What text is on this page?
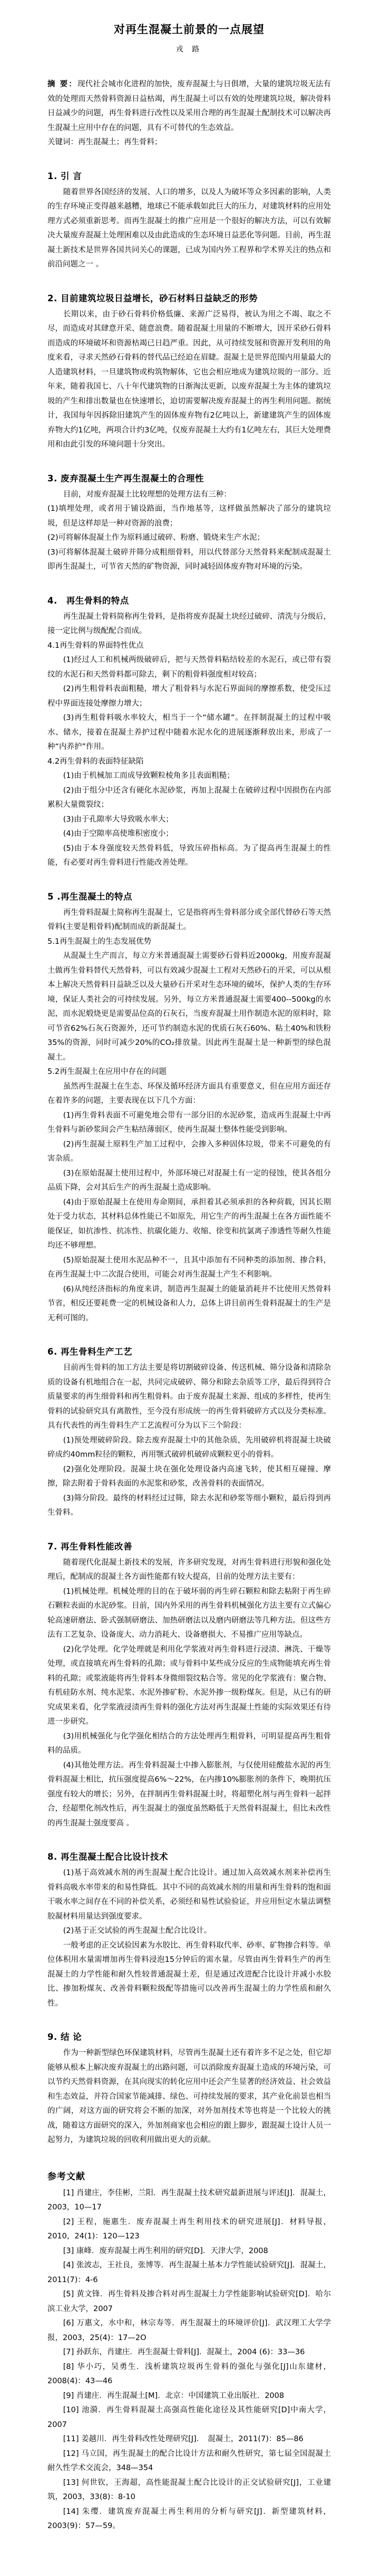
对再生混凝土前景的一点展望
戎 路

摘 要：现代社会城市化进程的加快，废弃混凝土与日俱增，大量的建筑垃圾无法有效的处理而天然骨料资源日益枯竭，再生混凝土可以有效的处理建筑垃圾，解决骨料日益减少的问题，再生骨料进行改性以及采用合理的再生混凝土配制技术可以解决再生混凝土应用中存在的问题，具有不可替代的生态效益。

关键词：再生混凝土；再生骨料；

1. 引 言

随着世界各国经济的发展、人口的增多，以及人为破坏等众多因素的影响，人类的生存环境正变得越来越糟，地球已不能承载如此巨大的压力，对建筑材料的应用处理方式必须重新思考。而再生混凝土的推广应用是一个很好的解决方法，可以有效解决大量废弃混凝土处理困难以及由此造成的生态环境日益恶化等问题。目前，再生混凝土新技术是世界各国共同关心的课题，已成为国内外工程界和学术界关注的热点和前沿问题之一 。

2. 目前建筑垃圾日益增长，砂石材料日益缺乏的形势

长期以来，由于砂石骨料价格低廉、来源广泛易得，被认为用之不竭、取之不尽，而造成对其肆意开采、随意浪费。随着混凝土用量的不断增大，因开采砂石骨料而造成的环境破坏和资源枯竭已日趋严重。因此，从可持续发展和资源开发利用的角度来看，寻求天然砂石骨料的替代品已经迫在眉睫。混凝土是世界范围内用量最大的人造建筑材料，一旦建筑物或构筑物解体，它也会相应地成为建筑垃圾的一部分。近年来，随着我国七、八十年代建筑物的日渐淘汰更新，以废弃混凝土为主体的建筑垃圾的产生和排出数量也在快速增长，迫切需要解决废弃混凝土的再生利用问题。据统计，我国每年因拆除旧建筑产生的固体废弃物有2亿吨以上，新建建筑产生的固体废弃物大约1亿吨，两项合计约3亿吨，仅废弃混凝土大约有1亿吨左右，其巨大处理费用和由此引发的环境问题十分突出。

3. 废弃混凝土生产再生混凝土的合理性

目前，对废弃混凝土比较理想的处理方法有三种：

(1)填埋处理，或者用于铺设路面，当作地基等，这样做虽然解决了部分的建筑垃圾，但是这样却是一种对资源的浪费；

(2)可将解体混凝土作为原料通过破碎、粉磨、锻烧来生产水泥；

(3)可将解体混凝土破碎并筛分成粗细骨料，用以代替部分天然骨料来配制成混凝土即再生混凝土，可节省天然的矿物资源，同时减轻固体废弃物对环境的污染。

4.　再生骨料的特点

再生混凝土骨料简称再生骨料，是指将废弃混凝土块经过破碎、清洗与分级后，接一定比例与级配配合而成。

4.1再生骨料的界面特性优点

(1)经过人工和机械两级破碎后，把与天然骨料粘结较差的水泥石，或已带有裂纹的水泥石和天然骨料都可除去，剩下的粗骨料强度相对较高；

(2)再生粗骨料表面粗糙，增大了粗骨料与水泥石界面间的摩擦系数，使受压过程中界面连接处摩擦力增大；

(3)再生粗骨料吸水率较大，相当于一个“储水罐”。在拌制混凝土的过程中吸水、储水，接着在混凝土养护过程中随着水泥水化的进展逐渐释放出来，形成了一种“内养护”作用。

4.2再生骨料的表面特征缺陷

(1)由于机械加工而成导致颗粒棱角多且表面粗糙；

(2)由于组分中还含有硬化水泥砂浆，再加上混凝土在破碎过程中因损伤在内部累积大量微裂纹；

(3)由于孔隙率大导致吸水率大；

(4)由于空隙率高使堆积密度小；

(5)由于本身强度较天然骨料低，导致压碎指标高。为了提高再生混凝土的性能，有必要对再生骨料进行性能改善处理。

5 .再生混凝土的特点

再生骨料混凝土简称再生混凝土，它是指将再生骨料部分或全部代替砂石等天然骨料(主要是粗骨料)配制而成的新混凝土。

5.1再生混凝土的生态发展优势

从混凝土生产而言，每立方米普通混凝土需要砂石骨料近2000kg，用废弃混凝土做再生骨料替代天然骨料，可以有效减少混凝土工程对天然砂石的开采，可以从根本上解决天然骨料日益缺乏以及大量砂石开采对生态环境的破坏，保护人类的生存环境，保证人类社会的可持续发展。另外，每立方米普通混凝土需要400--500kg的水泥，而水泥煅烧更是需要品位高的石灰石，当废弃混凝土用作制造水泥的原料时，除可节省62%石灰石资源外，还可节约制造水泥的优质石灰石60%、粘土40%和铁粉35%的资源，同时可减少20%的CO₂排放量。因此再生混凝土是一种新型的绿色混凝土。

5.2再生混凝土在应用中存在的问题

虽然再生混凝土在生态、环保及循环经济方面具有重要意义，但在应用方面还存在着许多的问题，主要表现在以下几个方面：

(1)再生骨料表面不可避免地会带有一部分旧的水泥砂浆，造成再生混凝土中再生骨料与新砂浆间会产生粘结薄弱区，使再生混凝土整体性能受到影响。

(2)再生混凝土原料生产加工过程中，会掺入多种固体垃圾，带来不可避免的有害杂质。

(3)在原始混凝土使用过程中，外部环境已对混凝土有一定的侵蚀，使其各组分品质下降，会对其后生产的再生混凝土造成影响。

(4)由于原始混凝土在使用寿命期间，承担着其必须承担的各种荷载，因其长期处于受力状态，其材料总体性能已不如原先，用它生产的再生混凝土在各方面性能不能保证，如抗渗性、抗冻性、抗碳化能力、收缩、徐变和抗氯离子渗透性等耐久性能均还不够理想。

(5)原始混凝土使用水泥品种不一，且其中添加有不同种类的添加剂、掺合料，在再生混凝土中二次混合使用，可能会对再生混凝土产生不利影响。

(6)从纯经济指标的角度来讲，制造再生混凝土的能量消耗并不比使用天然骨料节省，相反还要耗费一定的机械设备和人力，总体上讲目前再生骨料混凝土的生产是无利可图的。

6. 再生骨料生产工艺

目前再生骨料的加工方法主要是将切割破碎设备、传送机械、筛分设备和清除杂质的设备有机地组合在一起，共同完成破碎、筛分和除去杂质等工序，最后得到符合质量要求的再生细骨料和再生粗骨料。由于废弃混凝土来源、组成的多样性，使再生骨料的试验研究具有离散性，至今没有形成统一的再生骨料破碎方式以及分类标准。具有代表性的再生骨料生产工艺流程可分为以下三个阶段：

(1)预处理破碎阶段。除去废弃混凝土中的其他杂质，先用破碎机将混凝土块破碎成约40mm粒径的颗粒，再用颚式破碎机破碎成颗粒更小的骨料。

(2)强化处理阶段。混凝土块在强化处理设备内高速飞转，使其相互碰撞、摩擦，除去附着于骨料表面的水泥浆和砂浆，改善骨料的表面情况。

(3)筛分阶段。最终的材料经过过筛，除去水泥和砂浆等细小颗粒，最后得到再生骨料。

7. 再生骨料性能改善

随着现代化混凝土新技术的发展，许多研究发现，对再生骨料进行形貌和强化处理后，配制成的混凝土各方面性能都有较大提高，目前的处理方法主要有：

(1)机械处理。机械处理的目的在于破坏弱的再生碎石颗粒和除去粘附于再生碎石颗粒表面的水泥砂浆。目前，国内外采用的再生骨料机械强化方法主要有立式偏心轮高速研磨法、卧式强制研磨法、加热研磨法以及磨内研磨法等几种方法。但这些方法有工艺复杂、设备庞大、动力消耗大、设备磨损大、不易推广应用等缺点。

(2)化学处理。化学处理就是利用化学浆液对再生骨料进行浸渍、淋洗、干燥等处理，或直接填充再生骨料的孔隙；或与骨料中某些成分反应的生成物能填充再生骨料的孔隙；或浆液能将再生骨料本身微细裂纹粘合等。常见的化学浆液有：聚合物、有机硅防水剂、纯水泥浆、水泥外掺矿粉、水泥外掺一级粉煤灰。但是，从已有的研究成果来看，化学浆液浸渍再生骨料的强化方法对再生混凝土性能的实际效果还有待进一步研究。

(3)用机械强化与化学强化相结合的方法处理再生粗骨料，可明显提高再生粗骨料的品质。

(4)其他处理方法。再生骨料混凝土中掺入膨胀剂，与仅使用硅酸盐水泥的再生骨料混凝土相比，抗压强度提高6%～22%，在内掺10%膨胀剂的条件下，晚期抗压强度有较大的增长；另外，在拌制再生骨料混凝土时，将超塑化剂与再生骨料一起拌合，经超塑化剂改性后，再生混凝土的强度虽然略低于天然骨料混凝土，但比未改性的再生混凝土强度要高 。

8. 再生混凝土配合比设计技术

(1)基于高效减水剂的再生混凝土配合比设计。通过加入高效减水剂来补偿再生骨料高吸水率带来的和易性降低。其中不同的高效减水剂的用量和再生骨料的饱和面干吸水率之间存在不同的补偿关系，必须经和易性试验验证，并应用恒定水量法调整胶凝材料用量达到强度要求。

(2)基于正交试验的再生混凝土配合比设计。

一般考虑的正交试验因素为水胶比、再生骨料取代率、砂率、矿物掺合料等。单位体积用水量需增加再生骨料浸泡15分钟后的需水量。尽管由再生骨料生产的再生混凝土的力学性能和耐久性较普通混凝土差，但是通过改进配合比设计并减小水胶比、掺加粉煤灰、改善骨料颗粒级配等措施可以改善再生混凝土的力学性质和耐久性。

9. 结 论

作为一种新型绿色环保建筑材料，尽管再生混凝土还有着许多不足之处，但它却能够从根本上解决废弃混凝土的出路问题，可以消除废弃混凝土造成的环境污染，可以节约天然骨料资源，在其向现实的转化应用中还会产生显著的经济效益、社会效益和生态效益，并符合国家节能减排、绿色、可持续发展的要求，其产业化前景也相当的广阔，对这方面的研究将会不断的加深，对外加剂技术等也将是一个比较大的挑战，随着这方面研究的深入，外加剂商家也会相应的跟上脚步，跟混凝土设计人员一起努力，为建筑垃圾的回收利用做出更大的贡献。

参考文献

[1] 肖建庄，李佳彬，兰阳．再生混凝土技术研究最新进展与评述[J]．混凝土，2003，10—17

[2] 王程，施惠生．废弃混凝土再生利用技术的研究进展[J]．材料导报，2010，24(1)：120—123

[3] 康峰．废弃混凝土再生利用的研究[D]．天津大学，2008

[4] 张波志，王社良，张博等．再生混凝土基本力学性能试验研究[J]．混凝土，2011(7)：4-6

[5] 黄文锋．再生骨料及掺合料对再生混凝土力学性能影响试验研究[D]．哈尔滨工业大学，2007

[6] 万惠文，水中和，林宗寿等．再生混凝土的环境评价[J]．武汉理工大学学报，2003，25(4)：17—2O

[7] 孙跃东，肖建庄．再生混凝士骨料[J]．混凝土，2004 (6)：33—36

[8] 华小巧，吴勇生．浅析建筑垃圾再生骨料的强化与强化[J]山东建材，2008(4)：43—46

[9] 肖建庄．再生混凝土[M]．北京：中国建筑工业出版社．2008

[10] 池漪．再生骨料混凝土高强高性能化途径及其性能研究[D]中南大学，2007

[11] 姜越川．再生骨料改性处理研究[J]．　混凝土，2011(7)：85—86

[12] 马立国，再生混凝土的配合比设计方法和耐久性研究，第七届全国混凝土耐久性学术交流会，348—354

[13] 何世钦，王海超，高性能混凝土配合比设计的正交试验研究[J]，工业建筑，2003，33(8)：8-10

[14] 朱缨．建筑废弃混凝土再生利用的分析与研究[J]．新型建筑材料，2003(9)：57—59。
